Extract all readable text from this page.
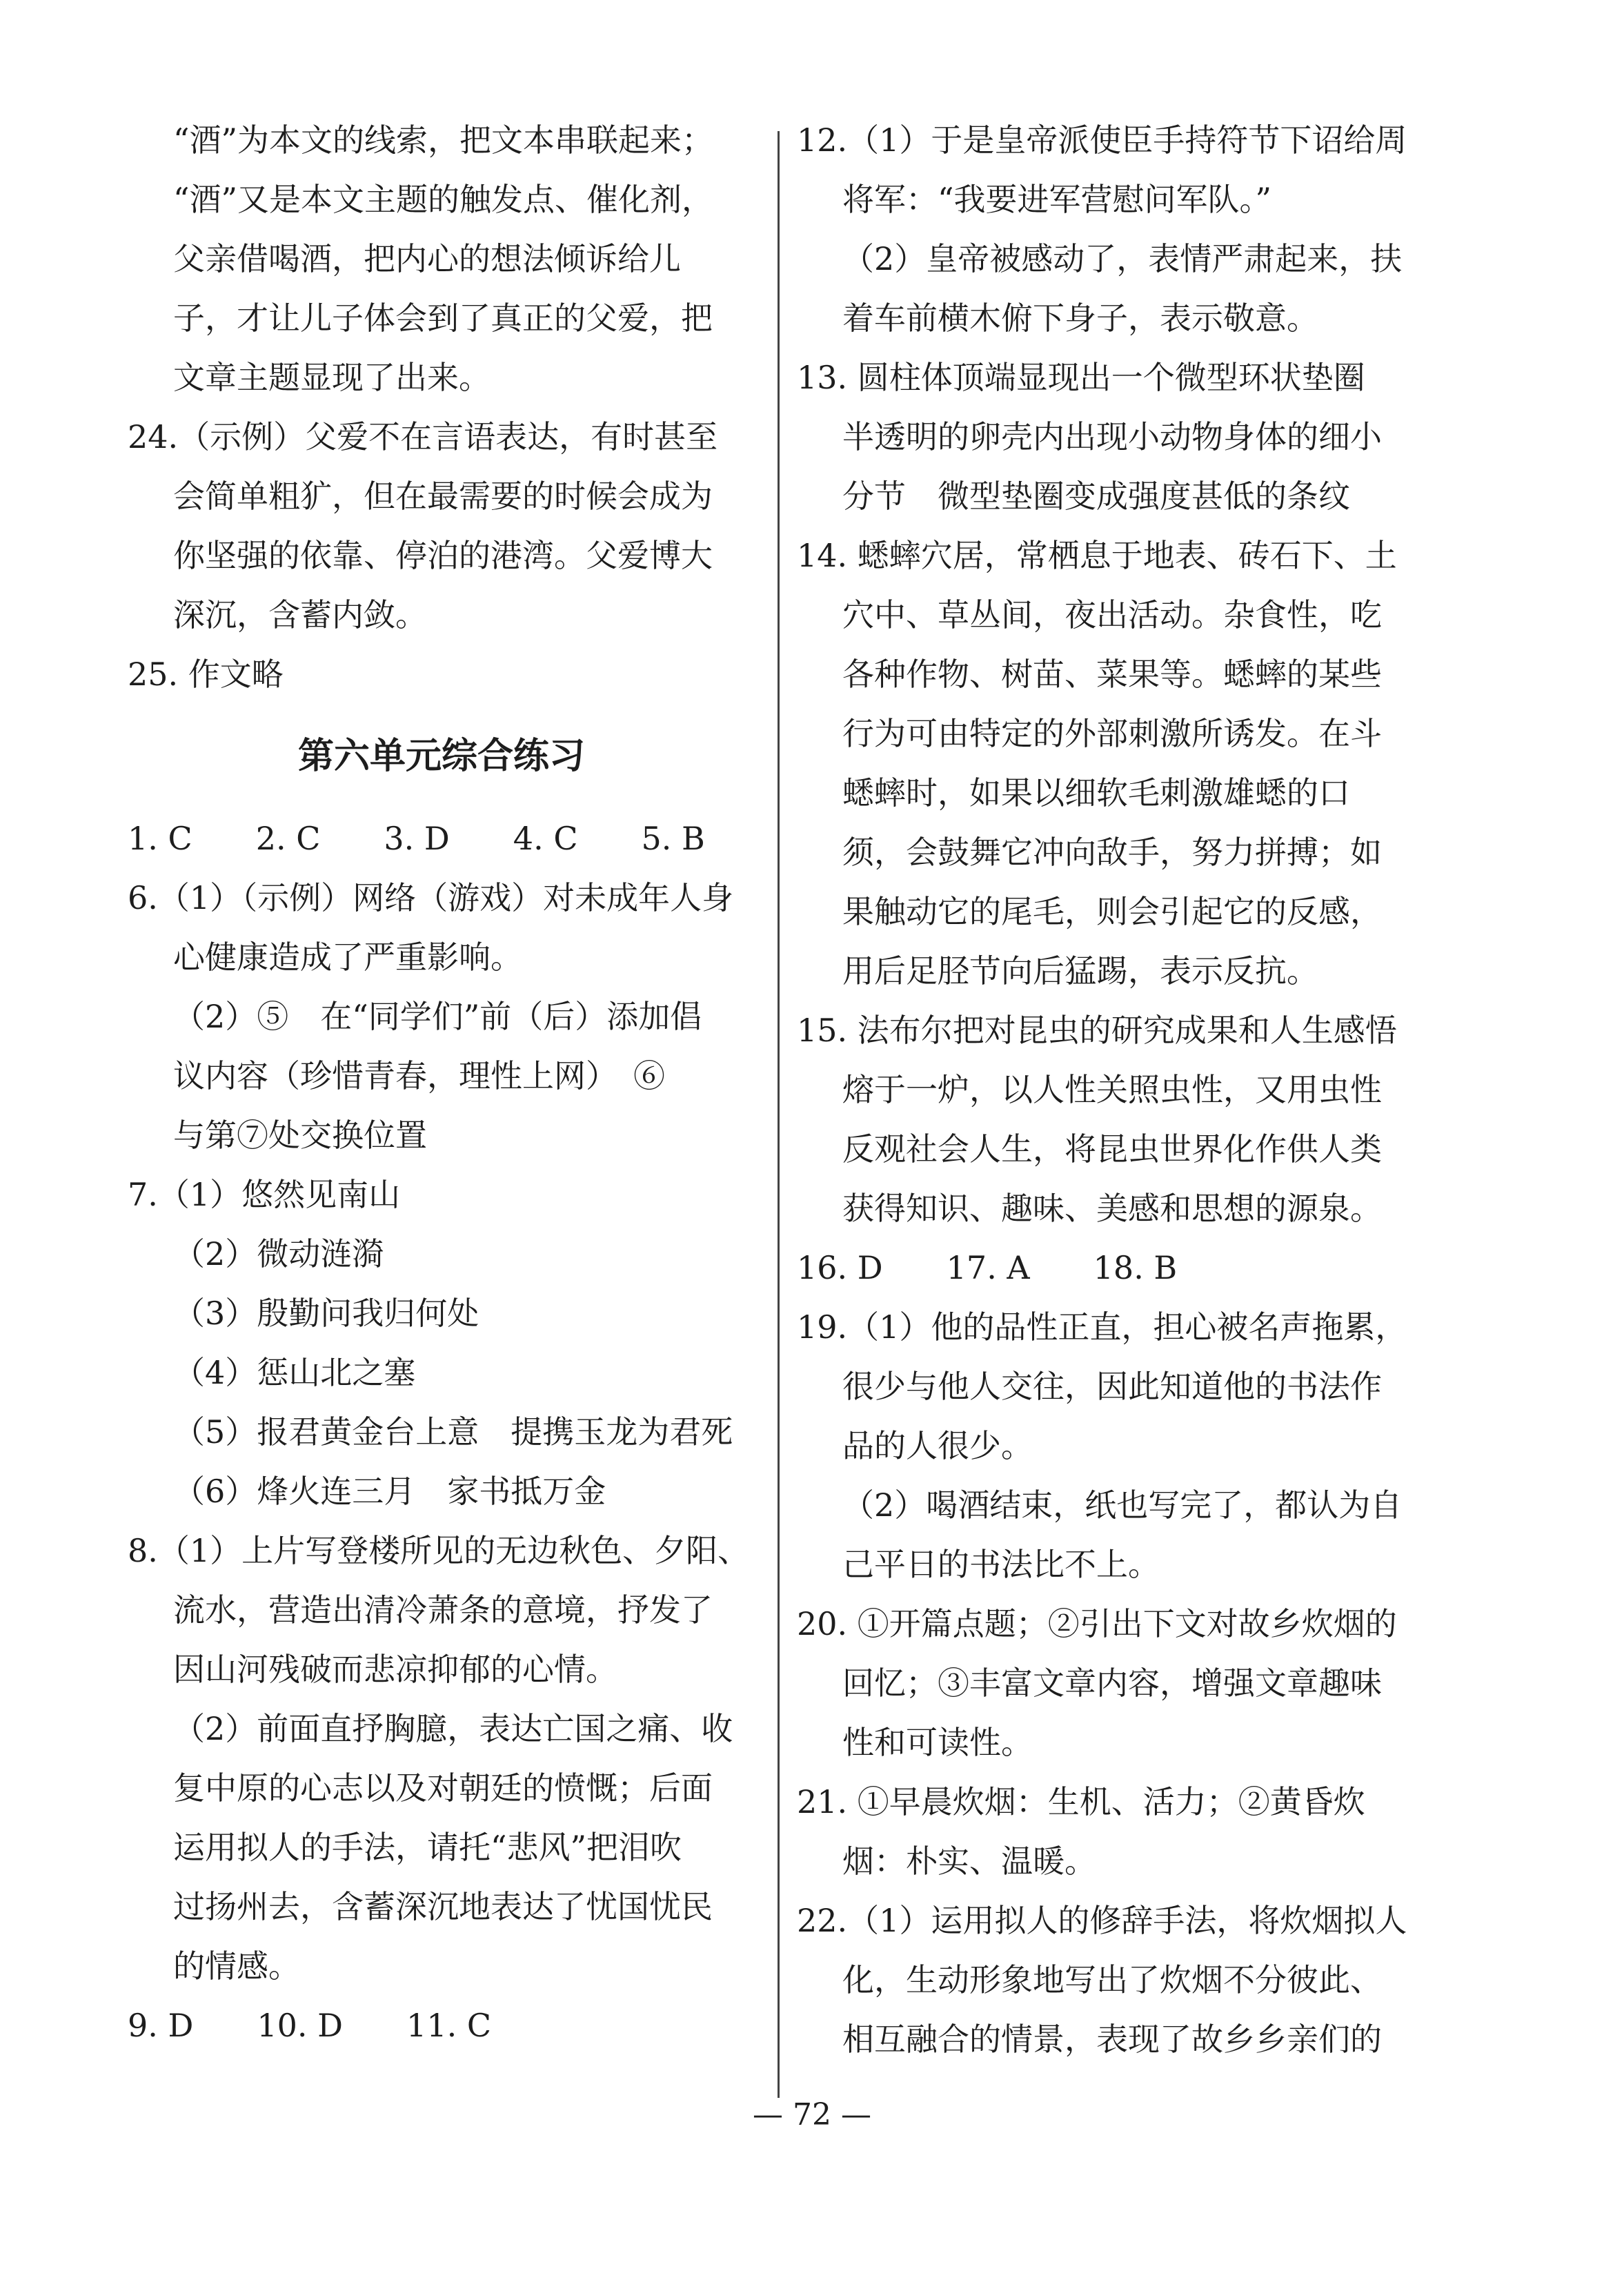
“酒”为本文的线索，把文本串联起来；
“酒”又是本文主题的触发点、催化剂，
父亲借喝酒，把内心的想法倾诉给儿
子，才让儿子体会到了真正的父爱，把
文章主题显现了出来。
24.（示例）父爱不在言语表达，有时甚至
会简单粗犷，但在最需要的时候会成为
你坚强的依靠、停泊的港湾。父爱博大
深沉，含蓄内敛。
25. 作文略
第六单元综合练习
1. C　　2. C　　3. D　　4. C　　5. B
6.（1）（示例）网络（游戏）对未成年人身
心健康造成了严重影响。
（2）⑤　在“同学们”前（后）添加倡
议内容（珍惜青春，理性上网）　⑥
与第⑦处交换位置
7.（1）悠然见南山
（2）微动涟漪
（3）殷勤问我归何处
（4）惩山北之塞
（5）报君黄金台上意　提携玉龙为君死
（6）烽火连三月　家书抵万金
8.（1）上片写登楼所见的无边秋色、夕阳、
流水，营造出清冷萧条的意境，抒发了
因山河残破而悲凉抑郁的心情。
（2）前面直抒胸臆，表达亡国之痛、收
复中原的心志以及对朝廷的愤慨；后面
运用拟人的手法，请托“悲风”把泪吹
过扬州去，含蓄深沉地表达了忧国忧民
的情感。
9. D　　10. D　　11. C
12.（1）于是皇帝派使臣手持符节下诏给周
将军：“我要进军营慰问军队。”
（2）皇帝被感动了，表情严肃起来，扶
着车前横木俯下身子，表示敬意。
13. 圆柱体顶端显现出一个微型环状垫圈
半透明的卵壳内出现小动物身体的细小
分节　微型垫圈变成强度甚低的条纹
14. 蟋蟀穴居，常栖息于地表、砖石下、土
穴中、草丛间，夜出活动。杂食性，吃
各种作物、树苗、菜果等。蟋蟀的某些
行为可由特定的外部刺激所诱发。在斗
蟋蟀时，如果以细软毛刺激雄蟋的口
须，会鼓舞它冲向敌手，努力拼搏；如
果触动它的尾毛，则会引起它的反感，
用后足胫节向后猛踢，表示反抗。
15. 法布尔把对昆虫的研究成果和人生感悟
熔于一炉，以人性关照虫性，又用虫性
反观社会人生，将昆虫世界化作供人类
获得知识、趣味、美感和思想的源泉。
16. D　　17. A　　18. B
19.（1）他的品性正直，担心被名声拖累，
很少与他人交往，因此知道他的书法作
品的人很少。
（2）喝酒结束，纸也写完了，都认为自
己平日的书法比不上。
20. ①开篇点题；②引出下文对故乡炊烟的
回忆；③丰富文章内容，增强文章趣味
性和可读性。
21. ①早晨炊烟：生机、活力；②黄昏炊
烟：朴实、温暖。
22.（1）运用拟人的修辞手法，将炊烟拟人
化，生动形象地写出了炊烟不分彼此、
相互融合的情景，表现了故乡乡亲们的
— 72 —
